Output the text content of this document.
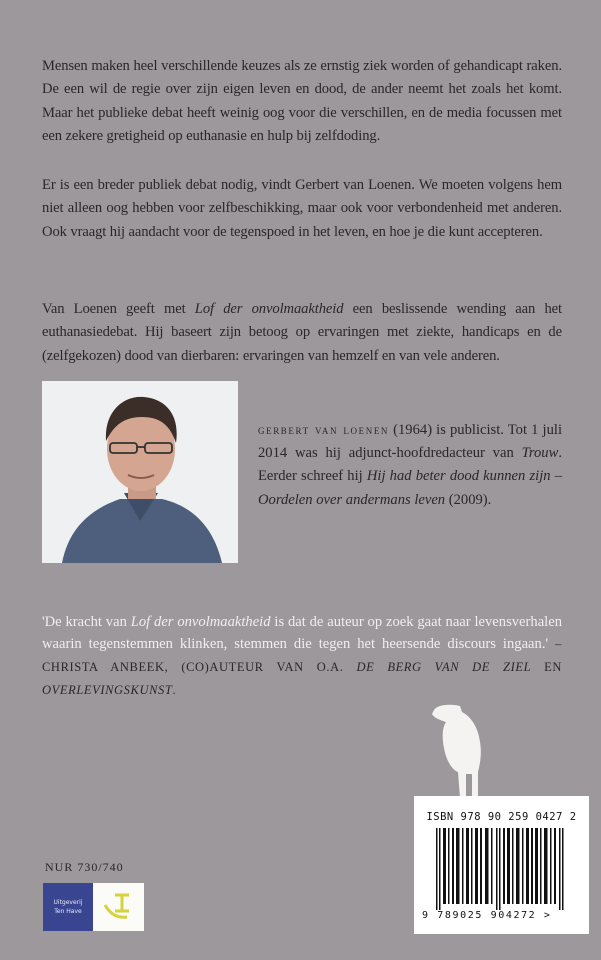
Mensen maken heel verschillende keuzes als ze ernstig ziek worden of gehandicapt raken. De een wil de regie over zijn eigen leven en dood, de ander neemt het zoals het komt. Maar het publieke debat heeft weinig oog voor die verschillen, en de media focussen met een zekere gretigheid op euthanasie en hulp bij zelfdoding.

Er is een breder publiek debat nodig, vindt Gerbert van Loenen. We moeten volgens hem niet alleen oog hebben voor zelfbeschikking, maar ook voor verbondenheid met anderen. Ook vraagt hij aandacht voor de tegenspoed in het leven, en hoe je die kunt accepteren.

Van Loenen geeft met Lof der onvolmaaktheid een beslissende wending aan het euthanasiedebat. Hij baseert zijn betoog op ervaringen met ziekte, handicaps en de (zelfgekozen) dood van dierbaren: ervaringen van hemzelf en van vele anderen.

gerbert van loenen (1964) is publicist. Tot 1 juli 2014 was hij adjunct-hoofdredacteur van Trouw. Eerder schreef hij Hij had beter dood kunnen zijn – Oordelen over andermans leven (2009).

'De kracht van Lof der onvolmaaktheid is dat de auteur op zoek gaat naar levensverhalen waarin tegenstemmen klinken, stemmen die tegen het heersende discours ingaan.' – CHRISTA ANBEEK, (CO)AUTEUR VAN O.A. DE BERG VAN DE ZIEL EN OVERLEVINGSKUNST.

ISBN 978 90 259 0427 2
9 789025 904272 >
NUR 730/740
Uitgeverij
Ten Have
